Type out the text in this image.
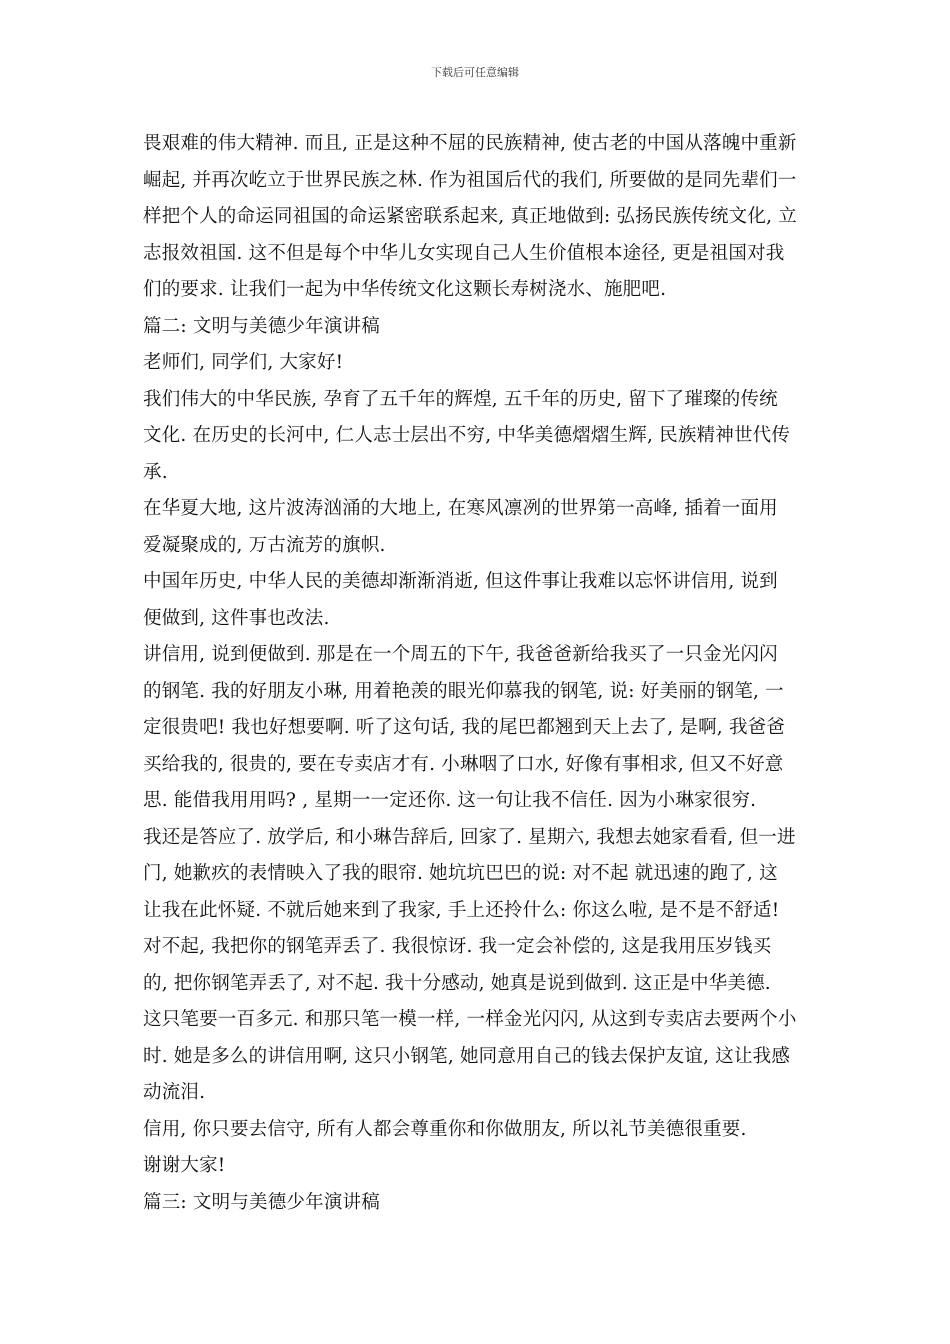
下载后可任意编辑
畏艰难的伟大精神. 而且, 正是这种不屈的民族精神, 使古老的中国从落魄中重新
崛起, 并再次屹立于世界民族之林. 作为祖国后代的我们, 所要做的是同先辈们一
样把个人的命运同祖国的命运紧密联系起来, 真正地做到: 弘扬民族传统文化, 立
志报效祖国. 这不但是每个中华儿女实现自己人生价值根本途径, 更是祖国对我
们的要求. 让我们一起为中华传统文化这颗长寿树浇水、施肥吧.
篇二: 文明与美德少年演讲稿
老师们, 同学们, 大家好!
我们伟大的中华民族, 孕育了五千年的辉煌, 五千年的历史, 留下了璀璨的传统
文化. 在历史的长河中, 仁人志士层出不穷, 中华美德熠熠生辉, 民族精神世代传
承.
在华夏大地, 这片波涛汹涌的大地上, 在寒风凛冽的世界第一高峰, 插着一面用
爱凝聚成的, 万古流芳的旗帜.
中国年历史, 中华人民的美德却渐渐消逝, 但这件事让我难以忘怀讲信用, 说到
便做到, 这件事也改法.
讲信用, 说到便做到. 那是在一个周五的下午, 我爸爸新给我买了一只金光闪闪
的钢笔. 我的好朋友小琳, 用着艳羡的眼光仰慕我的钢笔, 说: 好美丽的钢笔, 一
定很贵吧! 我也好想要啊. 听了这句话, 我的尾巴都翘到天上去了, 是啊, 我爸爸
买给我的, 很贵的, 要在专卖店才有. 小琳咽了口水, 好像有事相求, 但又不好意
思. 能借我用用吗? , 星期一一定还你. 这一句让我不信任. 因为小琳家很穷.
我还是答应了. 放学后, 和小琳告辞后, 回家了. 星期六, 我想去她家看看, 但一进
门, 她歉疚的表情映入了我的眼帘. 她坑坑巴巴的说: 对不起 就迅速的跑了, 这
让我在此怀疑. 不就后她来到了我家, 手上还拎什么: 你这么啦, 是不是不舒适!
对不起, 我把你的钢笔弄丢了. 我很惊讶. 我一定会补偿的, 这是我用压岁钱买
的, 把你钢笔弄丢了, 对不起. 我十分感动, 她真是说到做到. 这正是中华美德.
这只笔要一百多元. 和那只笔一模一样, 一样金光闪闪, 从这到专卖店去要两个小
时. 她是多么的讲信用啊, 这只小钢笔, 她同意用自己的钱去保护友谊, 这让我感
动流泪.
信用, 你只要去信守, 所有人都会尊重你和你做朋友, 所以礼节美德很重要.
谢谢大家!
篇三: 文明与美德少年演讲稿
